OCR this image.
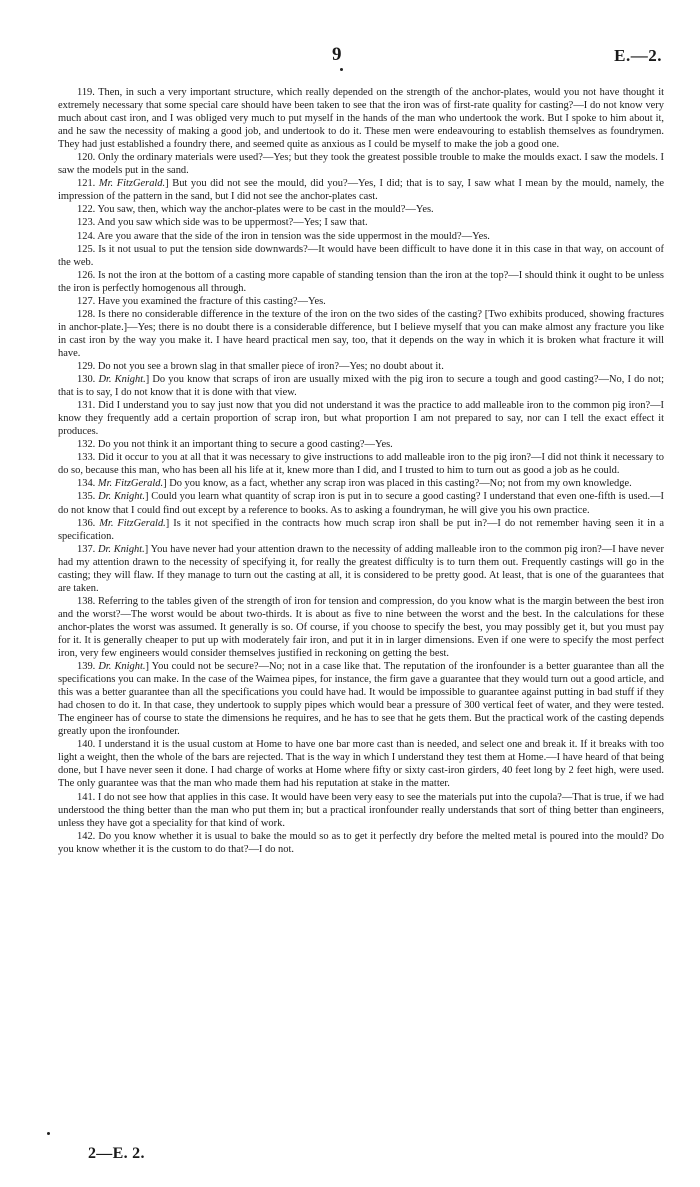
9	E.—2.

119. Then, in such a very important structure, which really depended on the strength of the anchor-plates, would you not have thought it extremely necessary that some special care should have been taken to see that the iron was of first-rate quality for casting?—I do not know very much about cast iron, and I was obliged very much to put myself in the hands of the man who undertook the work. But I spoke to him about it, and he saw the necessity of making a good job, and undertook to do it. These men were endeavouring to establish themselves as foundrymen. They had just established a foundry there, and seemed quite as anxious as I could be myself to make the job a good one.

120. Only the ordinary materials were used?—Yes; but they took the greatest possible trouble to make the moulds exact. I saw the models. I saw the models put in the sand.

121. Mr. FitzGerald.] But you did not see the mould, did you?—Yes, I did; that is to say, I saw what I mean by the mould, namely, the impression of the pattern in the sand, but I did not see the anchor-plates cast.

122. You saw, then, which way the anchor-plates were to be cast in the mould?—Yes.

123. And you saw which side was to be uppermost?—Yes; I saw that.

124. Are you aware that the side of the iron in tension was the side uppermost in the mould?—Yes.

125. Is it not usual to put the tension side downwards?—It would have been difficult to have done it in this case in that way, on account of the web.

126. Is not the iron at the bottom of a casting more capable of standing tension than the iron at the top?—I should think it ought to be unless the iron is perfectly homogenous all through.

127. Have you examined the fracture of this casting?—Yes.

128. Is there no considerable difference in the texture of the iron on the two sides of the casting? [Two exhibits produced, showing fractures in anchor-plate.]—Yes; there is no doubt there is a considerable difference, but I believe myself that you can make almost any fracture you like in cast iron by the way you make it. I have heard practical men say, too, that it depends on the way in which it is broken what fracture it will have.

129. Do not you see a brown slag in that smaller piece of iron?—Yes; no doubt about it.

130. Dr. Knight.] Do you know that scraps of iron are usually mixed with the pig iron to secure a tough and good casting?—No, I do not; that is to say, I do not know that it is done with that view.

131. Did I understand you to say just now that you did not understand it was the practice to add malleable iron to the common pig iron?—I know they frequently add a certain proportion of scrap iron, but what proportion I am not prepared to say, nor can I tell the exact effect it produces.

132. Do you not think it an important thing to secure a good casting?—Yes.

133. Did it occur to you at all that it was necessary to give instructions to add malleable iron to the pig iron?—I did not think it necessary to do so, because this man, who has been all his life at it, knew more than I did, and I trusted to him to turn out as good a job as he could.

134. Mr. FitzGerald.] Do you know, as a fact, whether any scrap iron was placed in this casting?—No; not from my own knowledge.

135. Dr. Knight.] Could you learn what quantity of scrap iron is put in to secure a good casting? I understand that even one-fifth is used.—I do not know that I could find out except by a reference to books. As to asking a foundryman, he will give you his own practice.

136. Mr. FitzGerald.] Is it not specified in the contracts how much scrap iron shall be put in?—I do not remember having seen it in a specification.

137. Dr. Knight.] You have never had your attention drawn to the necessity of adding malleable iron to the common pig iron?—I have never had my attention drawn to the necessity of specifying it, for really the greatest difficulty is to turn them out. Frequently castings will go in the casting; they will flaw. If they manage to turn out the casting at all, it is considered to be pretty good. At least, that is one of the guarantees that are taken.

138. Referring to the tables given of the strength of iron for tension and compression, do you know what is the margin between the best iron and the worst?—The worst would be about two-thirds. It is about as five to nine between the worst and the best. In the calculations for these anchor-plates the worst was assumed. It generally is so. Of course, if you choose to specify the best, you may possibly get it, but you must pay for it. It is generally cheaper to put up with moderately fair iron, and put it in in larger dimensions. Even if one were to specify the most perfect iron, very few engineers would consider themselves justified in reckoning on getting the best.

139. Dr. Knight.] You could not be secure?—No; not in a case like that. The reputation of the ironfounder is a better guarantee than all the specifications you can make. In the case of the Waimea pipes, for instance, the firm gave a guarantee that they would turn out a good article, and this was a better guarantee than all the specifications you could have had. It would be impossible to guarantee against putting in bad stuff if they had chosen to do it. In that case, they undertook to supply pipes which would bear a pressure of 300 vertical feet of water, and they were tested. The engineer has of course to state the dimensions he requires, and he has to see that he gets them. But the practical work of the casting depends greatly upon the ironfounder.

140. I understand it is the usual custom at Home to have one bar more cast than is needed, and select one and break it. If it breaks with too light a weight, then the whole of the bars are rejected. That is the way in which I understand they test them at Home.—I have heard of that being done, but I have never seen it done. I had charge of works at Home where fifty or sixty cast-iron girders, 40 feet long by 2 feet high, were used. The only guarantee was that the man who made them had his reputation at stake in the matter.

141. I do not see how that applies in this case. It would have been very easy to see the materials put into the cupola?—That is true, if we had understood the thing better than the man who put them in; but a practical ironfounder really understands that sort of thing better than engineers, unless they have got a speciality for that kind of work.

142. Do you know whether it is usual to bake the mould so as to get it perfectly dry before the melted metal is poured into the mould? Do you know whether it is the custom to do that?—I do not.

2—E. 2.
